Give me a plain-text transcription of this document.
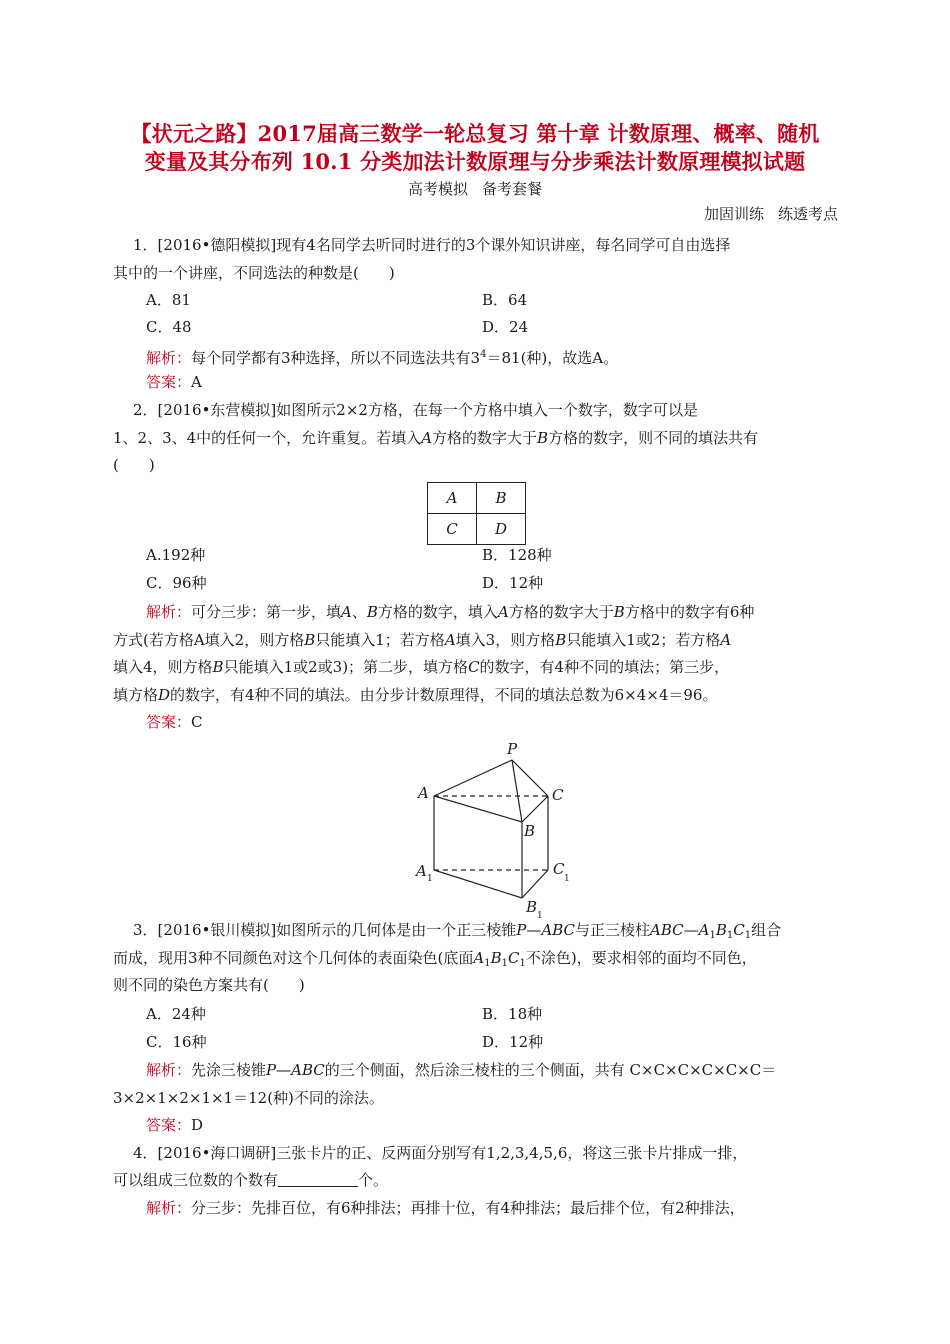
【状元之路】2017届高三数学一轮总复习 第十章 计数原理、概率、随机
变量及其分布列 10.1 分类加法计数原理与分步乘法计数原理模拟试题
高考模拟 备考套餐
加固训练 练透考点
1．[2016•德阳模拟]现有4名同学去听同时进行的3个课外知识讲座，每名同学可自由选择
其中的一个讲座，不同选法的种数是(　　)
A．81	B．64
C．48	D．24
解析：每个同学都有3种选择，所以不同选法共有$3^4=81$(种)，故选A。
答案：A
2．[2016•东营模拟]如图所示2×2方格，在每一个方格中填入一个数字，数字可以是
1、2、3、4中的任何一个，允许重复。若填入A方格的数字大于B方格的数字，则不同的填法共有
(　　)
A	B
C	D
A.192种	B．128种
C．96种	D．12种
解析：可分三步：第一步，填A、B方格的数字，填入A方格的数字大于B方格中的数字有6种
方式(若方格A填入2，则方格B只能填入1；若方格A填入3，则方格B只能填入1或2；若方格A
填入4，则方格B只能填入1或2或3)；第二步，填方格C的数字，有4种不同的填法；第三步，
填方格D的数字，有4种不同的填法。由分步计数原理得，不同的填法总数为6×4×4＝96。
答案：C
P
A	C
B
A 1
C
1
B 1
3．[2016•银川模拟]如图所示的几何体是由一个正三棱锥P—ABC与正三棱柱$ABC—A_1B_1C_1$组合
而成，现用3种不同颜色对这个几何体的表面染色(底面$A_1B_1C_1$不涂色)，要求相邻的面均不同色，
则不同的染色方案共有(　　)
A．24种	B．18种
C．16种	D．12种
解析：先涂三棱锥P—ABC的三个侧面，然后涂三棱柱的三个侧面，共有 C×C×C×C×C×C＝
3×2×1×2×1×1＝12(种)不同的涂法。
答案：D
4．[2016•海口调研]三张卡片的正、反两面分别写有1,2,3,4,5,6，将这三张卡片排成一排，
可以组成三位数的个数有	个。
解析：分三步：先排百位，有6种排法；再排十位，有4种排法；最后排个位，有2种排法，
